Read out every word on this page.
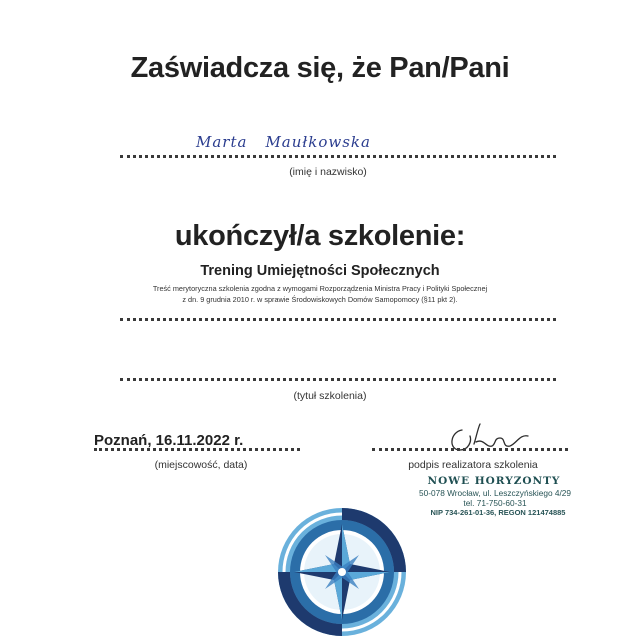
Zaświadcza się, że Pan/Pani
Marta Maułkowska
(imię i nazwisko)
ukończył/a szkolenie:
Trening Umiejętności Społecznych
Treść merytoryczna szkolenia zgodna z wymogami Rozporządzenia Ministra Pracy i Polityki Społecznej
z dn. 9 grudnia 2010 r. w sprawie Środowiskowych Domów Samopomocy (§11 pkt 2).
(tytuł szkolenia)
Poznań, 16.11.2022 r.
(miejscowość, data)	podpis realizatora szkolenia
NOWE HORYZONTY
50-078 Wrocław, ul. Leszczyńskiego 4/29
tel. 71-750-60-31
NIP 734-261-01-36, REGON 121474885
